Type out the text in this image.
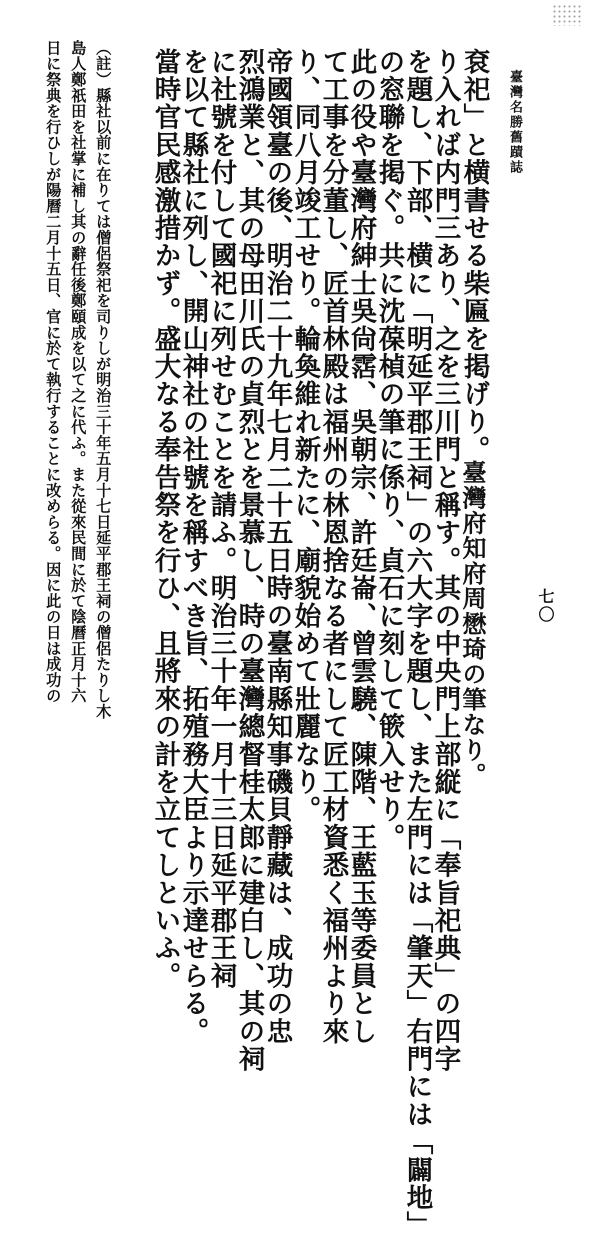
七〇
臺灣名勝舊蹟誌
袞祀」と横書せる柴匾を掲げり。
り入れば内門三あり、之を三川門と稱す。其の中央門上部縦に「奉旨祀典」の四字
を題し、下部、横に「明延平郡王祠」の六大字を題し、また左門には「肇天」右門には「闢地」
の窓聯を掲ぐ。共に沈葆楨の筆に係り、貞石に刻して篏入せり。
此の役や臺灣府紳士吳尙霑、吳朝宗、許廷崙、曾雲驍、陳階、王藍玉等委員とし
て工事を分董し、匠首林殿は福州の林恩捨なる者にして匠工材資悉く福州より來
り、同八月竣工せり。輪奐維れ新たに、廟貌始めて壯麗なり。
帝國領臺の後、明治二十九年七月二十五日時の臺南縣知事磯貝靜藏は、成功の忠
烈鴻業と、其の母田川氏の貞烈とを景慕し、時の臺灣總督桂太郎に建白し、其の祠
に社號を付して國祀に列せむことを請ふ。明治三十年一月十三日延平郡王祠
を以て縣社に列し、開山神社の社號を稱すべき旨、拓殖務大臣より示達せらる。
當時官民感激措かず。盛大なる奉告祭を行ひ、且將來の計を立てしといふ。
（註）縣社以前に在りては僧侶祭祀を司りしが明治三十年五月十七日延平郡王祠の僧侶たりし木
島人鄭祇田を社掌に補し其の辭任後鄭頤成を以て之に代ふ。また從來民間に於て陰曆正月十六
日に祭典を行ひしが陽曆二月十五日、官に於て執行することに改めらる。因に此の日は成功の	臺灣府知府周懋琦の筆なり。
